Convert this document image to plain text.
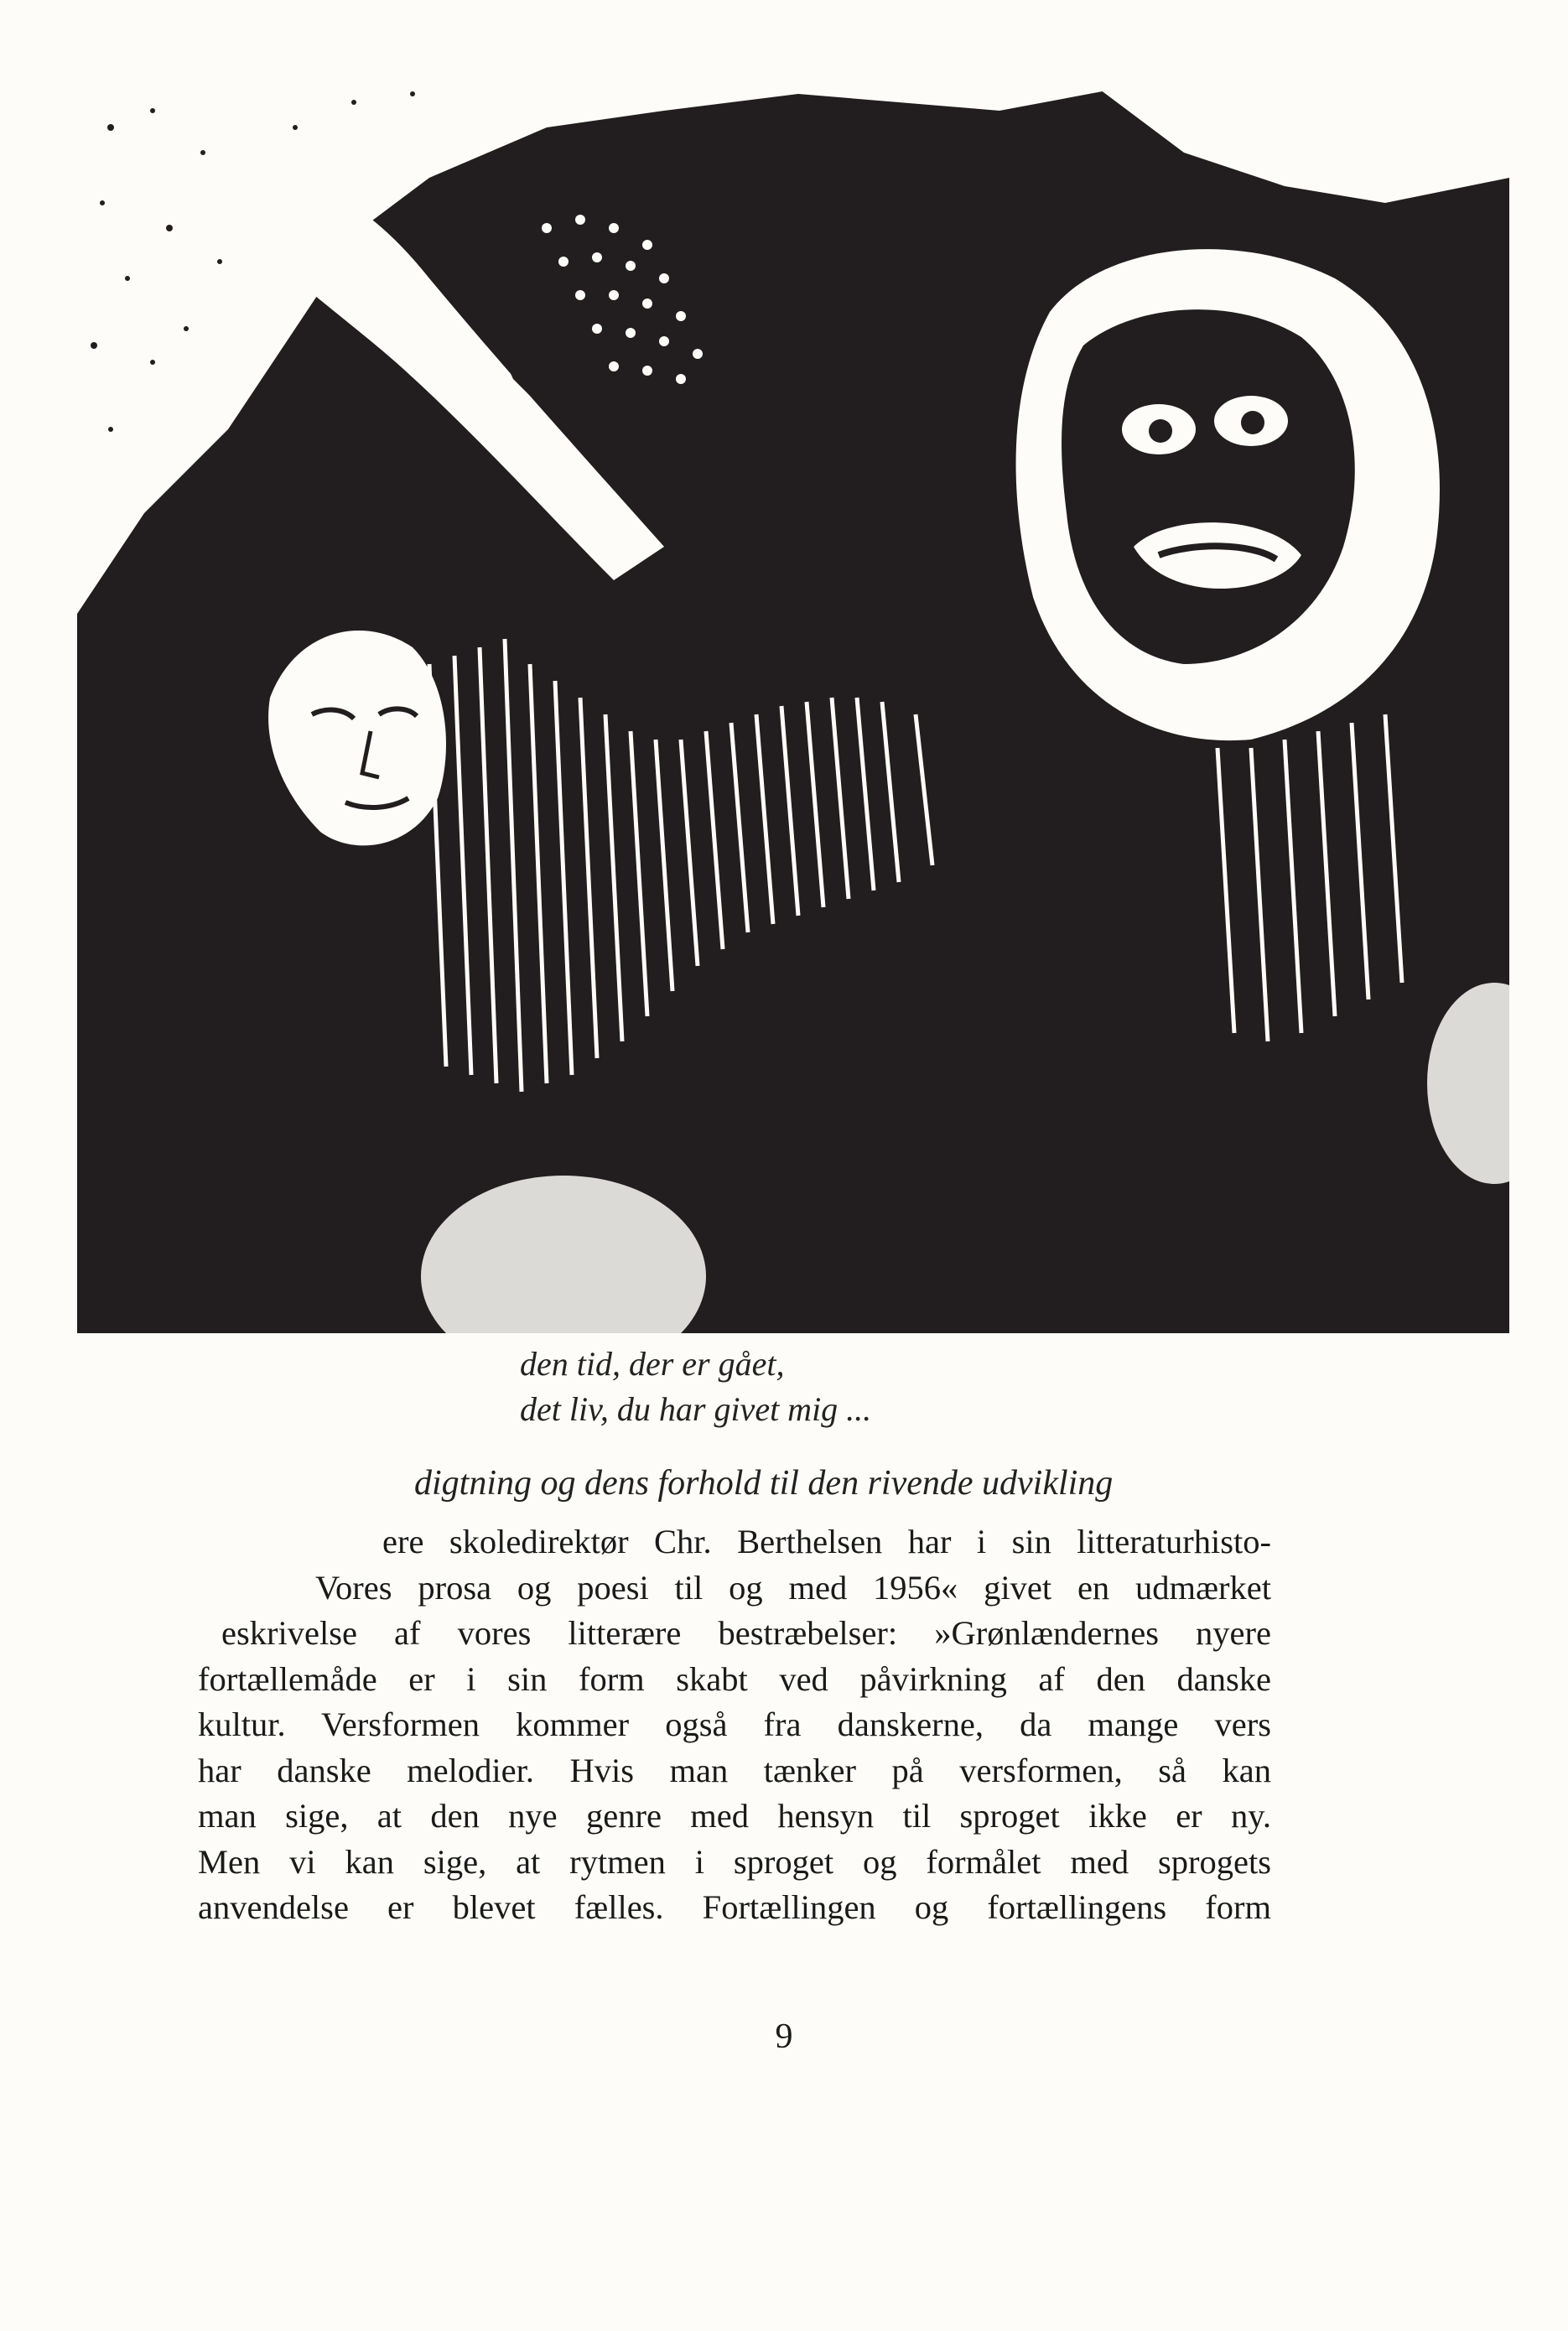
den tid, der er gået,
det liv, du har givet mig ...
digtning og dens forhold til den rivende udvikling
ere skoledirektør Chr. Berthelsen har i sin litteraturhisto-
Vores prosa og poesi til og med 1956« givet en udmærket
eskrivelse af vores litterære bestræbelser: »Grønlændernes nyere
fortællemåde er i sin form skabt ved påvirkning af den danske
kultur. Versformen kommer også fra danskerne, da mange vers
har danske melodier. Hvis man tænker på versformen, så kan
man sige, at den nye genre med hensyn til sproget ikke er ny.
Men vi kan sige, at rytmen i sproget og formålet med sprogets
anvendelse er blevet fælles. Fortællingen og fortællingens form
9
